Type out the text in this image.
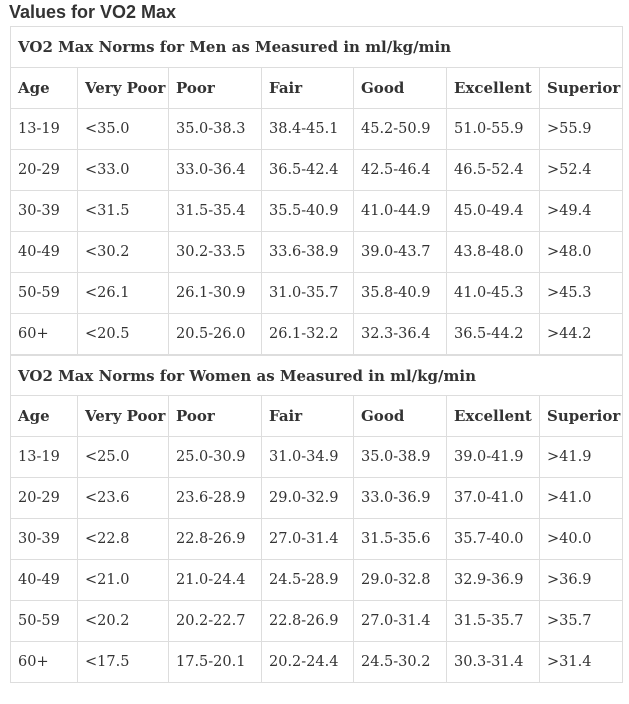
Values for VO2 Max
VO2 Max Norms for Men as Measured in ml/kg/min						
Age	Very Poor	Poor	Fair	Good	Excellent	Superior
13-19	<35.0	35.0-38.3	38.4-45.1	45.2-50.9	51.0-55.9	>55.9
20-29	<33.0	33.0-36.4	36.5-42.4	42.5-46.4	46.5-52.4	>52.4
30-39	<31.5	31.5-35.4	35.5-40.9	41.0-44.9	45.0-49.4	>49.4
40-49	<30.2	30.2-33.5	33.6-38.9	39.0-43.7	43.8-48.0	>48.0
50-59	<26.1	26.1-30.9	31.0-35.7	35.8-40.9	41.0-45.3	>45.3
60+	<20.5	20.5-26.0	26.1-32.2	32.3-36.4	36.5-44.2	>44.2
VO2 Max Norms for Women as Measured in ml/kg/min						
Age	Very Poor	Poor	Fair	Good	Excellent	Superior
13-19	<25.0	25.0-30.9	31.0-34.9	35.0-38.9	39.0-41.9	>41.9
20-29	<23.6	23.6-28.9	29.0-32.9	33.0-36.9	37.0-41.0	>41.0
30-39	<22.8	22.8-26.9	27.0-31.4	31.5-35.6	35.7-40.0	>40.0
40-49	<21.0	21.0-24.4	24.5-28.9	29.0-32.8	32.9-36.9	>36.9
50-59	<20.2	20.2-22.7	22.8-26.9	27.0-31.4	31.5-35.7	>35.7
60+	<17.5	17.5-20.1	20.2-24.4	24.5-30.2	30.3-31.4	>31.4
